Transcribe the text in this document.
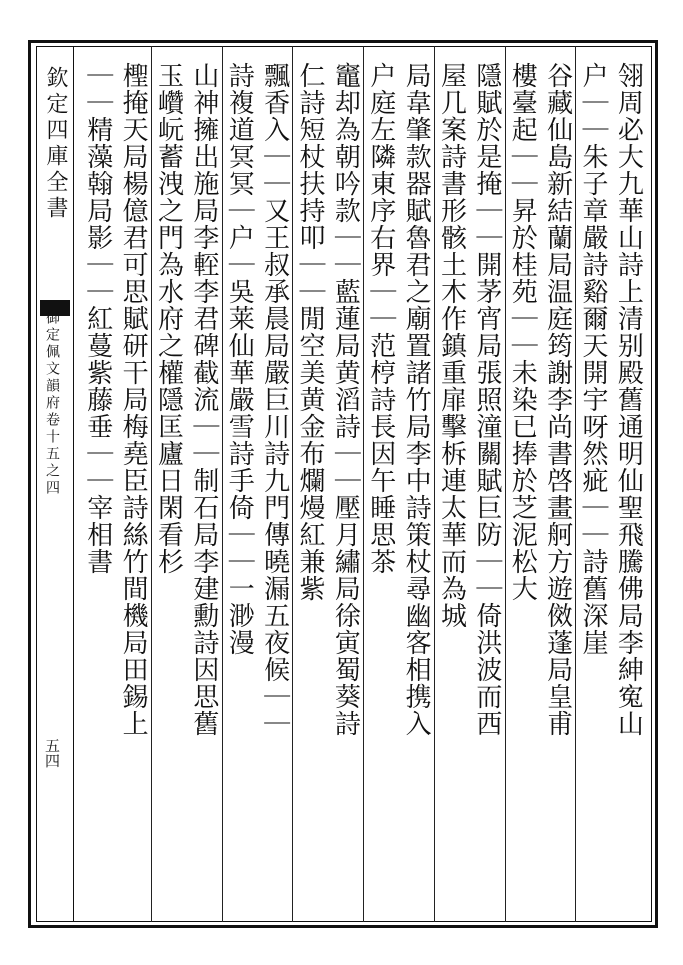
欽定四庫全書
御定佩文韻府卷十五之四
五四
翎周必大九華山詩上清别殿舊通明仙聖飛騰佛局李紳寃山
户｜｜朱子章嚴詩谿爾天開宇呀然疵｜｜詩舊深崖
谷藏仙島新結蘭局温庭筠謝李尚書啓畫舸方遊傚蓬局皇甫
樓臺起｜｜昇於桂苑｜｜未染已捧於芝泥松大
隱賦於是掩｜｜開茅宵局張照潼關賦巨防｜｜倚洪波而西
屋几案詩書形骸土木作鎮重扉擊柝連太華而為城
局韋肇款器賦魯君之廟置諸竹局李中詩策杖尋幽客相携入
户庭左隣東序右界｜｜范梈詩長因午睡思茶
竈却為朝吟款｜｜藍蓮局黄滔詩｜｜壓月繡局徐寅蜀葵詩
仁詩短杖扶持叩｜｜閒空美黄金布爛熳紅兼紫
飄香入｜｜又王叔承晨局嚴巨川詩九門傳曉漏五夜候｜｜
詩複道冥冥｜户｜吳莱仙華嚴雪詩手倚｜｜一渺漫
山神擁出施局李䡖李君碑截流｜｜制石局李建勳詩因思舊
玉巑岏蓄洩之門為水府之權隱匡廬日閑看杉
檉掩天局楊億君可思賦研干局梅堯臣詩絲竹間機局田錫上
｜｜精藻翰局影｜｜紅蔓紫藤垂｜｜宰相書
